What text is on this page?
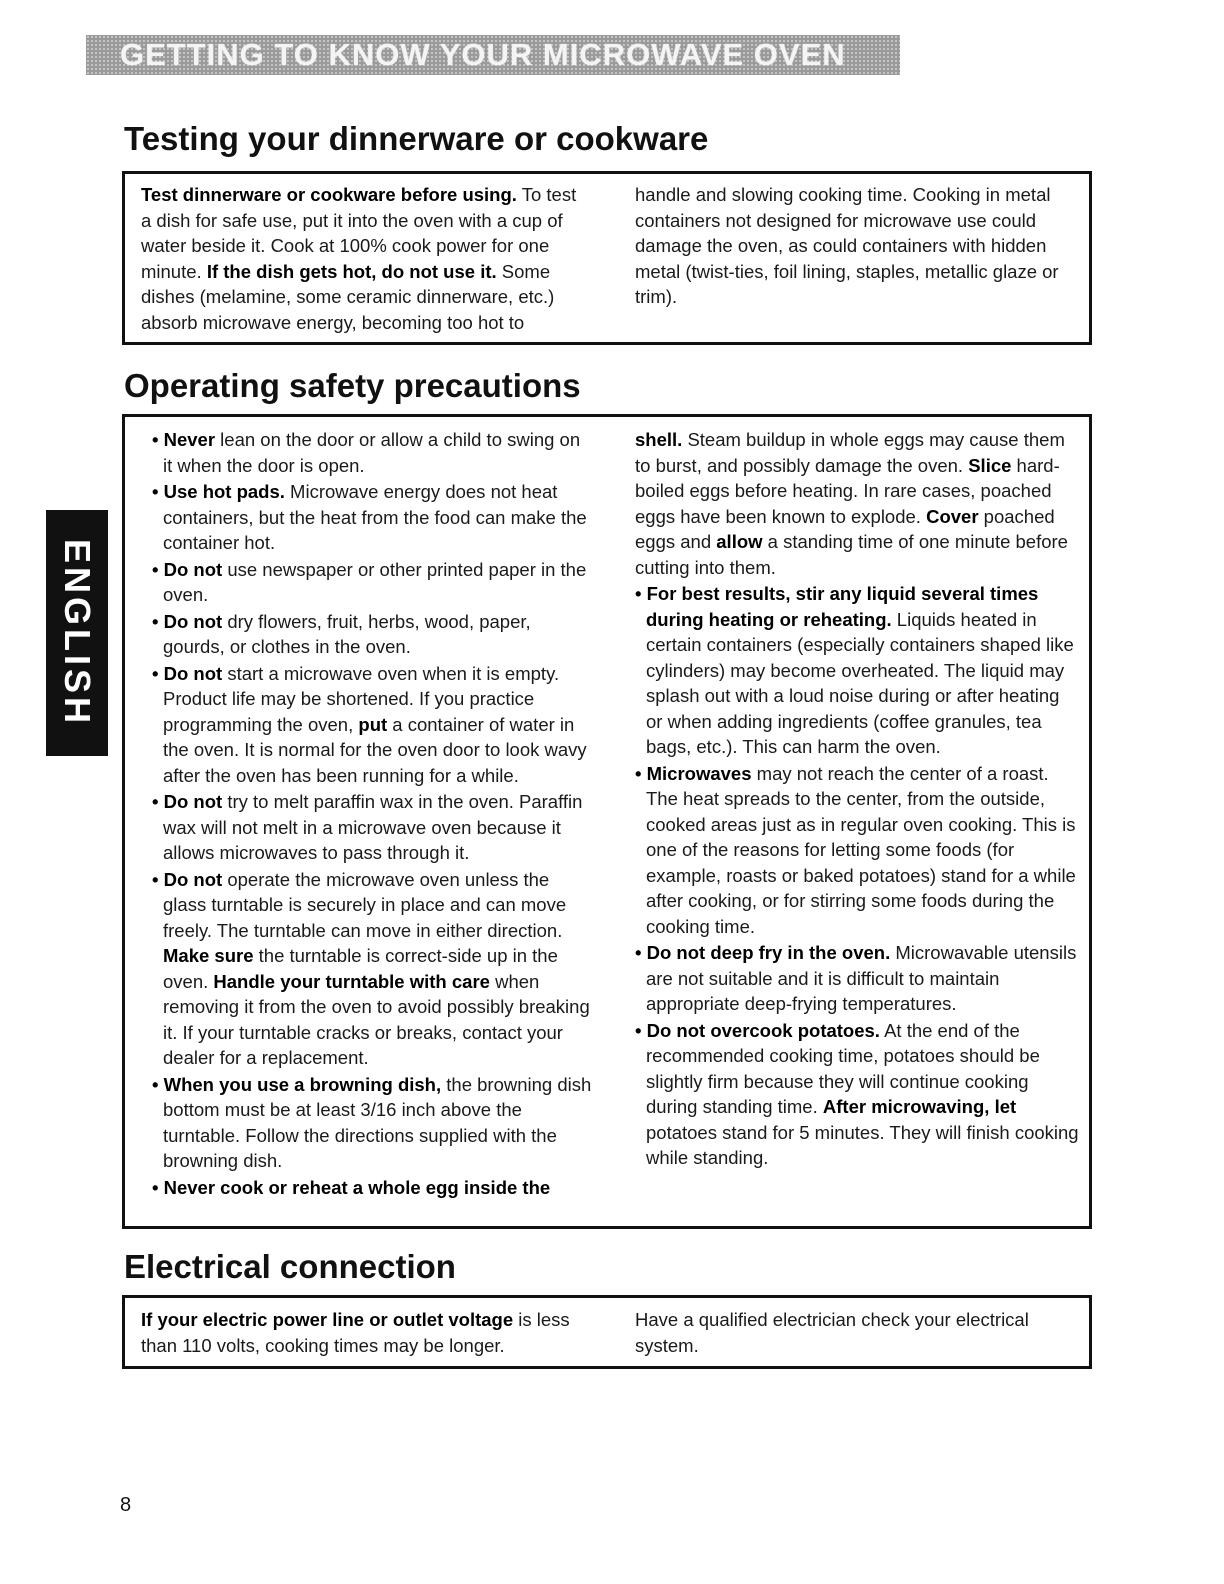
GETTING TO KNOW YOUR MICROWAVE OVEN
ENGLISH
Testing your dinnerware or cookware

Test dinnerware or cookware before using. To test a dish for safe use, put it into the oven with a cup of water beside it. Cook at 100% cook power for one minute. If the dish gets hot, do not use it. Some dishes (melamine, some ceramic dinnerware, etc.) absorb microwave energy, becoming too hot to

handle and slowing cooking time. Cooking in metal containers not designed for microwave use could damage the oven, as could containers with hidden metal (twist-ties, foil lining, staples, metallic glaze or trim).

Operating safety precautions

• Never lean on the door or allow a child to swing on it when the door is open.

• Use hot pads. Microwave energy does not heat containers, but the heat from the food can make the container hot.

• Do not use newspaper or other printed paper in the oven.

• Do not dry flowers, fruit, herbs, wood, paper, gourds, or clothes in the oven.

• Do not start a microwave oven when it is empty. Product life may be shortened. If you practice programming the oven, put a container of water in the oven. It is normal for the oven door to look wavy after the oven has been running for a while.

• Do not try to melt paraffin wax in the oven. Paraffin wax will not melt in a microwave oven because it allows microwaves to pass through it.

• Do not operate the microwave oven unless the glass turntable is securely in place and can move freely. The turntable can move in either direction. Make sure the turntable is correct-side up in the oven. Handle your turntable with care when removing it from the oven to avoid possibly breaking it. If your turntable cracks or breaks, contact your dealer for a replacement.

• When you use a browning dish, the browning dish bottom must be at least 3/16 inch above the turntable. Follow the directions supplied with the browning dish.

• Never cook or reheat a whole egg inside the

shell. Steam buildup in whole eggs may cause them to burst, and possibly damage the oven. Slice hard-boiled eggs before heating. In rare cases, poached eggs have been known to explode. Cover poached eggs and allow a standing time of one minute before cutting into them.

• For best results, stir any liquid several times during heating or reheating. Liquids heated in certain containers (especially containers shaped like cylinders) may become overheated. The liquid may splash out with a loud noise during or after heating or when adding ingredients (coffee granules, tea bags, etc.). This can harm the oven.

• Microwaves may not reach the center of a roast. The heat spreads to the center, from the outside, cooked areas just as in regular oven cooking. This is one of the reasons for letting some foods (for example, roasts or baked potatoes) stand for a while after cooking, or for stirring some foods during the cooking time.

• Do not deep fry in the oven. Microwavable utensils are not suitable and it is difficult to maintain appropriate deep-frying temperatures.

• Do not overcook potatoes. At the end of the recommended cooking time, potatoes should be slightly firm because they will continue cooking during standing time. After microwaving, let potatoes stand for 5 minutes. They will finish cooking while standing.

Electrical connection

If your electric power line or outlet voltage is less than 110 volts, cooking times may be longer.

Have a qualified electrician check your electrical system.

8
